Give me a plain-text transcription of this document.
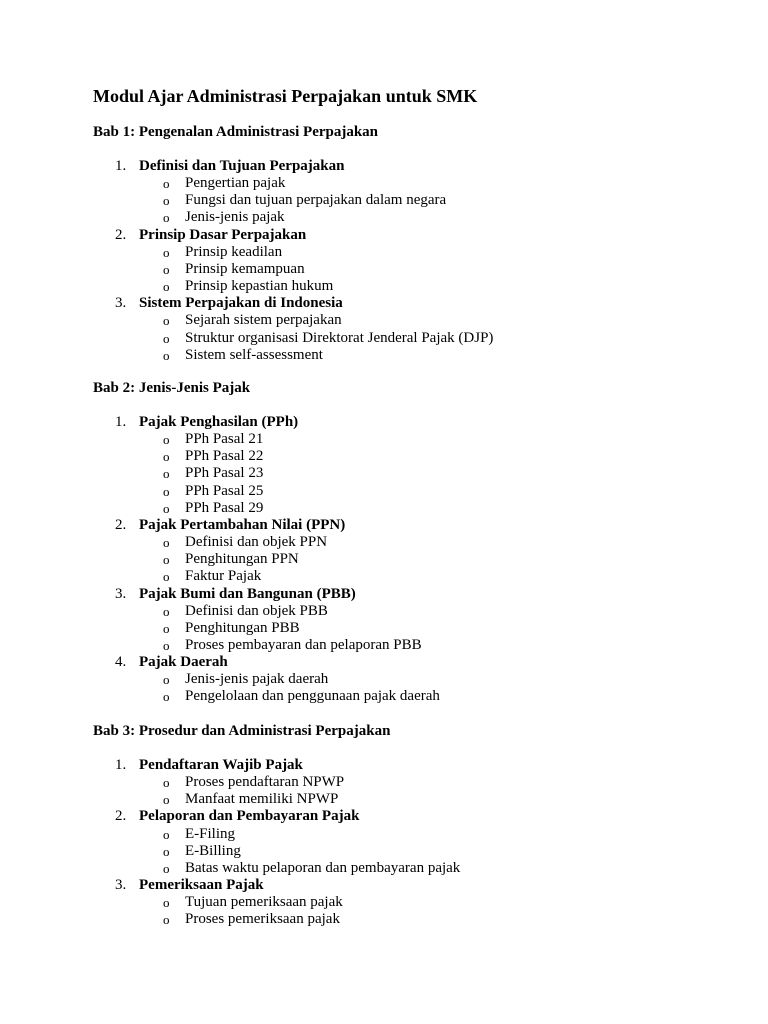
Modul Ajar Administrasi Perpajakan untuk SMK
Bab 1: Pengenalan Administrasi Perpajakan
1. Definisi dan Tujuan Perpajakan
o Pengertian pajak
o Fungsi dan tujuan perpajakan dalam negara
o Jenis-jenis pajak
2. Prinsip Dasar Perpajakan
o Prinsip keadilan
o Prinsip kemampuan
o Prinsip kepastian hukum
3. Sistem Perpajakan di Indonesia
o Sejarah sistem perpajakan
o Struktur organisasi Direktorat Jenderal Pajak (DJP)
o Sistem self-assessment
Bab 2: Jenis-Jenis Pajak
1. Pajak Penghasilan (PPh)
o PPh Pasal 21
o PPh Pasal 22
o PPh Pasal 23
o PPh Pasal 25
o PPh Pasal 29
2. Pajak Pertambahan Nilai (PPN)
o Definisi dan objek PPN
o Penghitungan PPN
o Faktur Pajak
3. Pajak Bumi dan Bangunan (PBB)
o Definisi dan objek PBB
o Penghitungan PBB
o Proses pembayaran dan pelaporan PBB
4. Pajak Daerah
o Jenis-jenis pajak daerah
o Pengelolaan dan penggunaan pajak daerah
Bab 3: Prosedur dan Administrasi Perpajakan
1. Pendaftaran Wajib Pajak
o Proses pendaftaran NPWP
o Manfaat memiliki NPWP
2. Pelaporan dan Pembayaran Pajak
o E-Filing
o E-Billing
o Batas waktu pelaporan dan pembayaran pajak
3. Pemeriksaan Pajak
o Tujuan pemeriksaan pajak
o Proses pemeriksaan pajak
